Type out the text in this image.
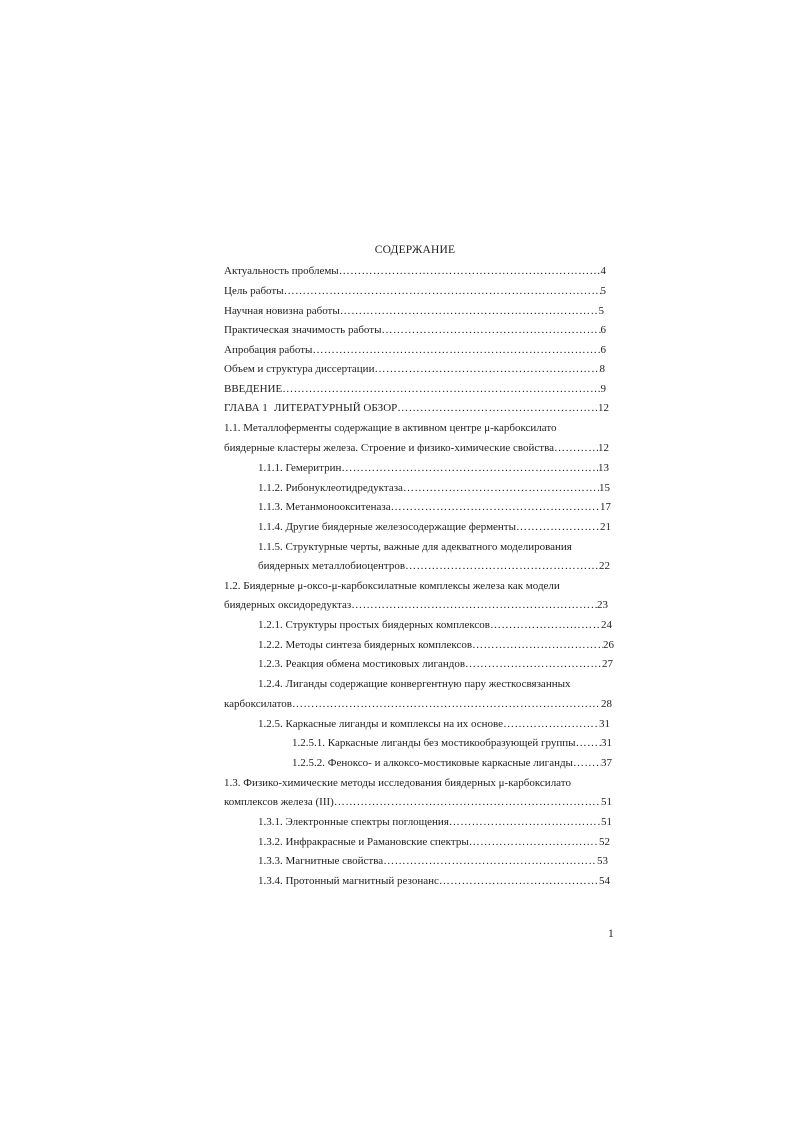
СОДЕРЖАНИЕ
Актуальность проблемы ……………………………………………………………………………………………………………………………………………………………………	4
Цель работы ……………………………………………………………………………………………………………………………………………………………………	5
Научная новизна работы ……………………………………………………………………………………………………………………………………………………………………	5
Практическая значимость работы ……………………………………………………………………………………………………………………………………………………………………	6
Апробация работы ……………………………………………………………………………………………………………………………………………………………………	6
Объем и структура диссертации ……………………………………………………………………………………………………………………………………………………………………	8
ВВЕДЕНИЕ ……………………………………………………………………………………………………………………………………………………………………	9
ГЛАВА 1 ЛИТЕРАТУРНЫЙ ОБЗОР ……………………………………………………………………………………………………………………………………………………………………	12
1.1. Металлоферменты содержащие в активном центре μ-карбоксилато
биядерные кластеры железа. Строение и физико-химические свойства ……………………………………………………………………………………………………………………………………………………………………	12
1.1.1. Гемеритрин ……………………………………………………………………………………………………………………………………………………………………	13
1.1.2. Рибонуклеотидредуктаза ……………………………………………………………………………………………………………………………………………………………………	15
1.1.3. Метанмоноокситеназа ……………………………………………………………………………………………………………………………………………………………………	17
1.1.4. Другие биядерные железосодержащие ферменты ……………………………………………………………………………………………………………………………………………………………………	21
1.1.5. Структурные черты, важные для адекватного моделирования
биядерных металлобиоцентров ……………………………………………………………………………………………………………………………………………………………………	22
1.2. Биядерные μ-оксо-μ-карбоксилатные комплексы железа как модели
биядерных оксидоредуктаз ……………………………………………………………………………………………………………………………………………………………………	23
1.2.1. Структуры простых биядерных комплексов ……………………………………………………………………………………………………………………………………………………………………	24
1.2.2. Методы синтеза биядерных комплексов ……………………………………………………………………………………………………………………………………………………………………	26
1.2.3. Реакция обмена мостиковых лигандов ……………………………………………………………………………………………………………………………………………………………………	27
1.2.4. Лиганды содержащие конвергентную пару жесткосвязанных
карбоксилатов ……………………………………………………………………………………………………………………………………………………………………	28
1.2.5. Каркасные лиганды и комплексы на их основе ……………………………………………………………………………………………………………………………………………………………………	31
1.2.5.1. Каркасные лиганды без мостикообразующей группы …………………………………………………………………………………………………………………………………………………………………… 31
1.2.5.2. Феноксо- и алкоксо-мостиковые каркасные лиганды ……………………………………………………………………………………………………………………………………………………………………	37
1.3. Физико-химические методы исследования биядерных μ-карбоксилато
комплексов железа (III) ……………………………………………………………………………………………………………………………………………………………………	51
1.3.1. Электронные спектры поглощения ……………………………………………………………………………………………………………………………………………………………………	51
1.3.2. Инфракрасные и Рамановские спектры ……………………………………………………………………………………………………………………………………………………………………	52
1.3.3. Магнитные свойства ……………………………………………………………………………………………………………………………………………………………………	53
1.3.4. Протонный магнитный резонанс ……………………………………………………………………………………………………………………………………………………………………	54
1
